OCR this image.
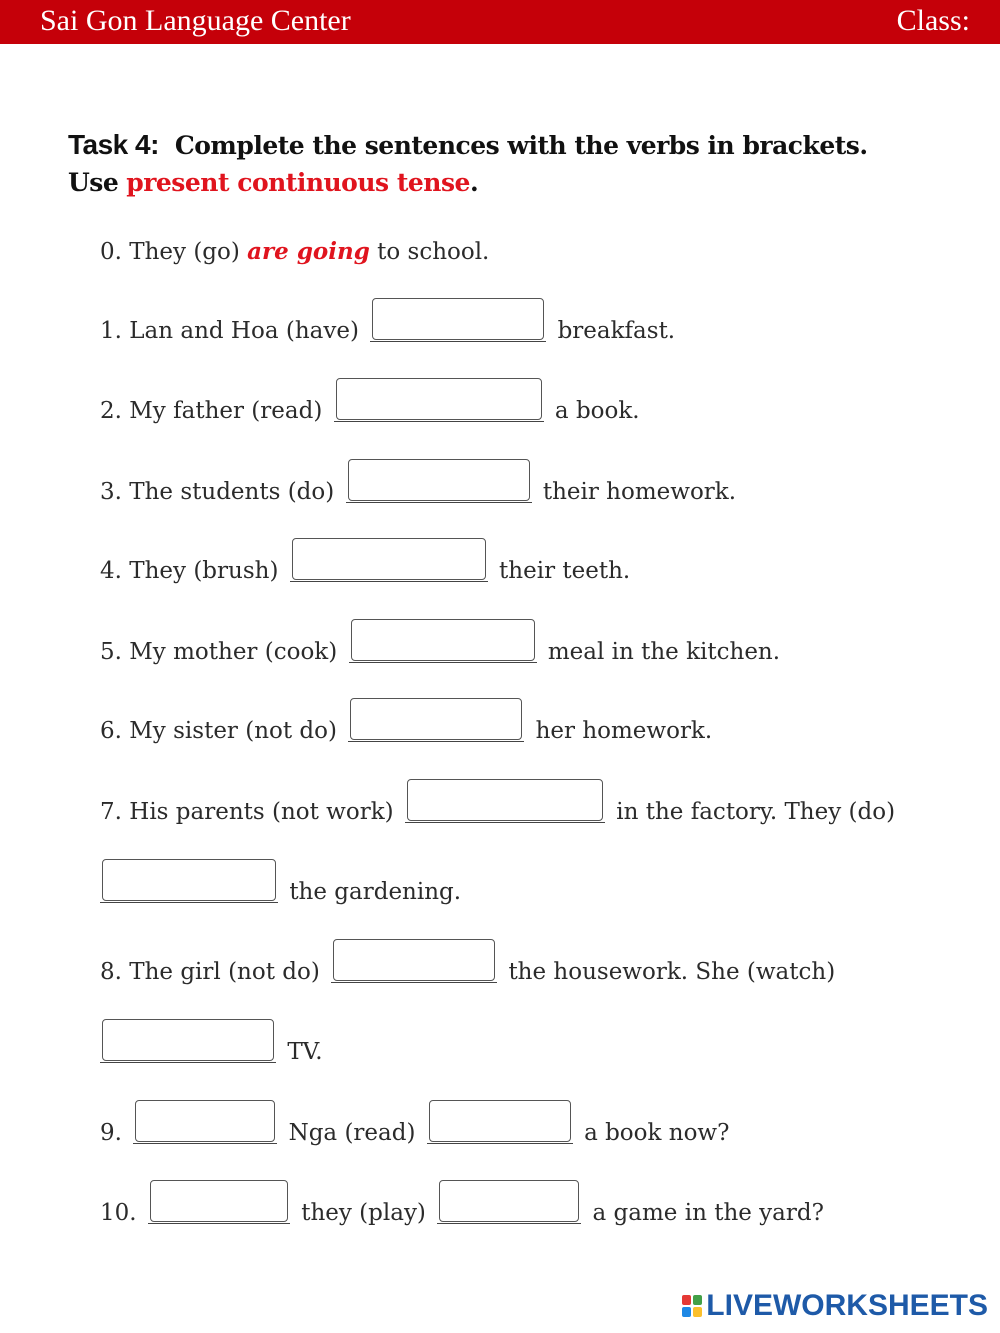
Sai Gon Language Center	Class:
Task 4: Complete the sentences with the verbs in brackets. Use present continuous tense.
0. They (go) are going to school.
1. Lan and Hoa (have)	breakfast.
2. My father (read)	a book.
3. The students (do)	their homework.
4. They (brush)	their teeth.
5. My mother (cook)	meal in the kitchen.
6. My sister (not do)	her homework.
7. His parents (not work)	in the factory. They (do)
the gardening.
8. The girl (not do)	the housework. She (watch)
TV.
9.	Nga (read)	a book now?
10.	they (play)	a game in the yard?
LIVEWORKSHEETS
